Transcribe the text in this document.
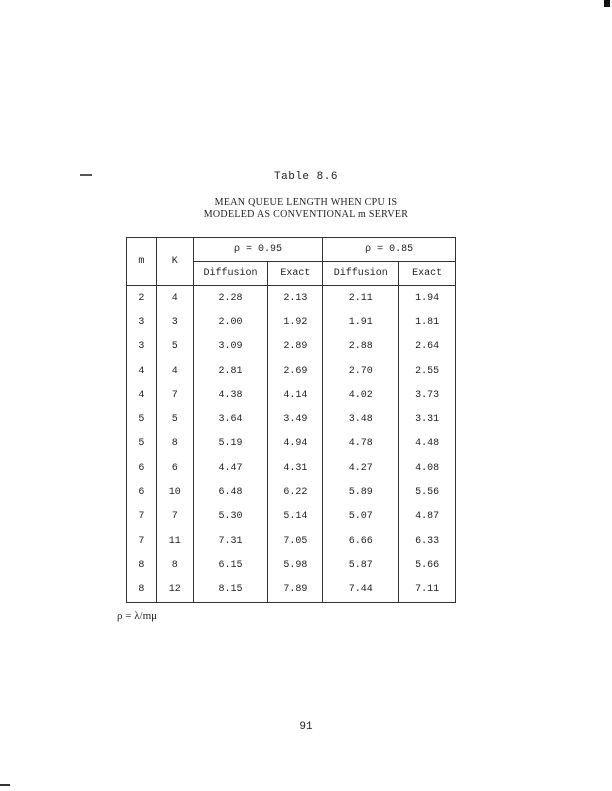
Table 8.6
MEAN QUEUE LENGTH WHEN CPU IS
MODELED AS CONVENTIONAL m SERVER
m	K	ρ = 0.95		ρ = 0.85	
		Diffusion	Exact	Diffusion	Exact
2	4	2.28	2.13	2.11	1.94
3	3	2.00	1.92	1.91	1.81
3	5	3.09	2.89	2.88	2.64
4	4	2.81	2.69	2.70	2.55
4	7	4.38	4.14	4.02	3.73
5	5	3.64	3.49	3.48	3.31
5	8	5.19	4.94	4.78	4.48
6	6	4.47	4.31	4.27	4.08
6	10	6.48	6.22	5.89	5.56
7	7	5.30	5.14	5.07	4.87
7	11	7.31	7.05	6.66	6.33
8	8	6.15	5.98	5.87	5.66
8	12	8.15	7.89	7.44	7.11
ρ = λ/mμ
91
